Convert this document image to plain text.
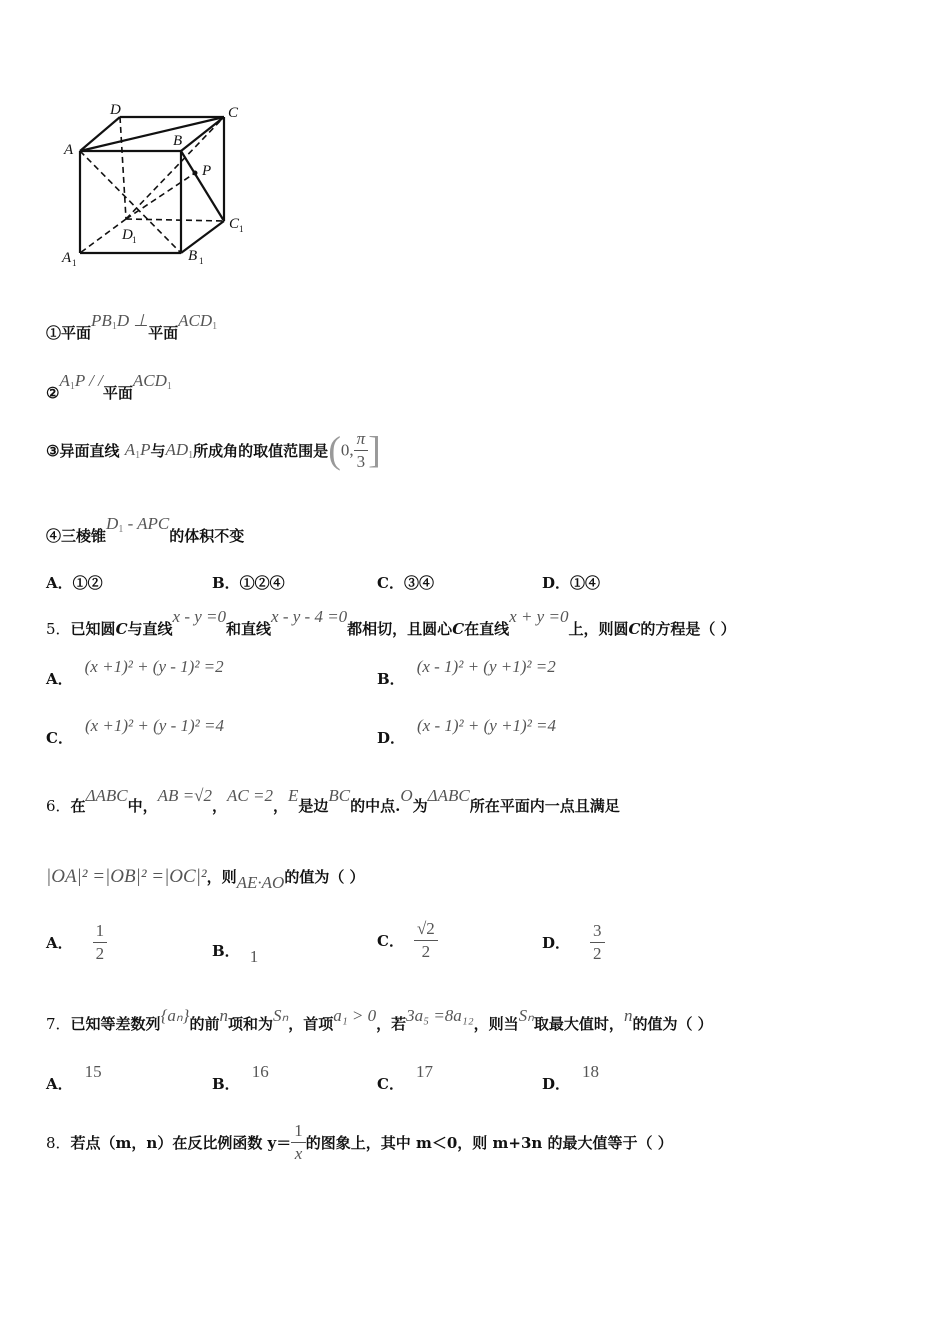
D	C
A
B
P
D 1
C 1
A 1	B 1
①平面$PB_1D$ ⊥平面$ACD_1$
$②A_1P$ / /平面$ACD_1$
③异面直线 $A_1P$与$AD_1$所成角的取值范围是(0, $\frac{\pi}{3}$ ]
④三棱锥$D_1$ - APC的体积不变
A．①②	B．①②④	C．③④	D．①④
5．已知圆C与直线x - y =0和直线x - y - 4 =0都相切，且圆心C在直线x + y =0上，则圆C的方程是（ ）
A．(x +1)² + (y - 1)² =2
B．(x - 1)² + (y +1)² =2
C．(x +1)² + (y - 1)² =4
D．(x - 1)² + (y +1)² =4
6．在ΔABC中，AB =√2，AC =2，E是边BC的中点.O为ΔABC所在平面内一点且满足
|OA|² =|OB|² =|OC|²，则AE·AO的值为（ ）
A． $\frac{1}{2}$	B． 1
C． $\frac{√2}{2}$	D． $\frac{3}{2}$
7．已知等差数列{aₙ}的前n项和为Sₙ，首项a₁ > 0，若3a₅ =8a₁₂，则当Sₙ取最大值时，n的值为（ ）
A．15
B．16
C．17
D．18
8．若点（m，n）在反比例函数 $y= \frac{1}{x}$ 的图象上，其中 m＜0，则 m+3n 的最大值等于（ ）
